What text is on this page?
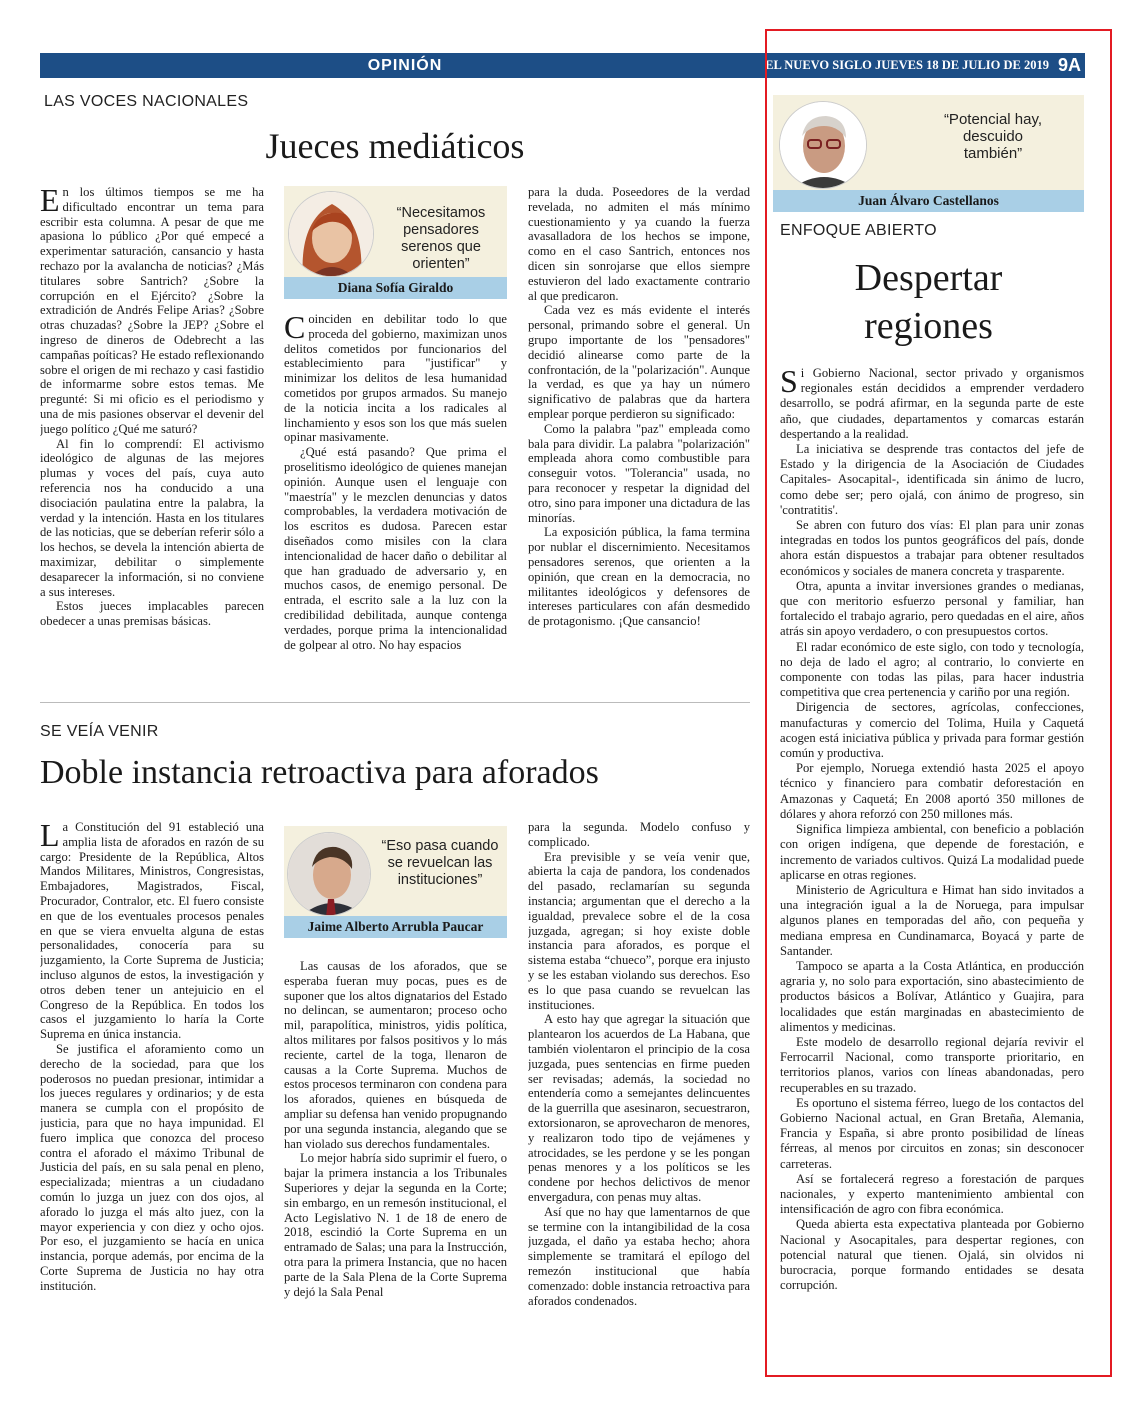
OPINIÓN	EL NUEVO SIGLO JUEVES 18 DE JULIO DE 2019 9A
LAS VOCES NACIONALES
Jueces mediáticos

En los últimos tiempos se me ha dificultado encontrar un tema para escribir esta columna. A pesar de que me apasiona lo público ¿Por qué empecé a experimentar saturación, cansancio y hasta rechazo por la avalancha de noticias? ¿Más titulares sobre Santrich? ¿Sobre la corrupción en el Ejército? ¿Sobre la extradición de Andrés Felipe Arias? ¿Sobre otras chuzadas? ¿Sobre la JEP? ¿Sobre el ingreso de dineros de Odebrecht a las campañas poíticas? He estado reflexionando sobre el origen de mi rechazo y casi fastidio de informarme sobre estos temas. Me pregunté: Si mi oficio es el periodismo y una de mis pasiones observar el devenir del juego político ¿Qué me saturó?

Al fin lo comprendí: El activismo ideológico de algunas de las mejores plumas y voces del país, cuya auto referencia nos ha conducido a una disociación paulatina entre la palabra, la verdad y la intención. Hasta en los titulares de las noticias, que se deberían referir sólo a los hechos, se devela la intención abierta de maximizar, debilitar o simplemente desaparecer la información, si no conviene a sus intereses.

Estos jueces implacables parecen obedecer a unas premisas básicas.

“Necesitamos pensadores serenos que orienten”
Diana Sofía Giraldo

Coinciden en debilitar todo lo que proceda del gobierno, maximizan unos delitos cometidos por funcionarios del establecimiento para "justificar" y minimizar los delitos de lesa humanidad cometidos por grupos armados. Su manejo de la noticia incita a los radicales al linchamiento y esos son los que más suelen opinar masivamente.

¿Qué está pasando? Que prima el proselitismo ideológico de quienes manejan opinión. Aunque usen el lenguaje con "maestría" y le mezclen denuncias y datos comprobables, la verdadera motivación de los escritos es dudosa. Parecen estar diseñados como misiles con la clara intencionalidad de hacer daño o debilitar al que han graduado de adversario y, en muchos casos, de enemigo personal. De entrada, el escrito sale a la luz con la credibilidad debilitada, aunque contenga verdades, porque prima la intencionalidad de golpear al otro. No hay espacios

para la duda. Poseedores de la verdad revelada, no admiten el más mínimo cuestionamiento y ya cuando la fuerza avasalladora de los hechos se impone, como en el caso Santrich, entonces nos dicen sin sonrojarse que ellos siempre estuvieron del lado exactamente contrario al que predicaron.

Cada vez es más evidente el interés personal, primando sobre el general. Un grupo importante de los "pensadores" decidió alinearse como parte de la confrontación, de la "polarización". Aunque la verdad, es que ya hay un número significativo de palabras que da hartera emplear porque perdieron su significado:

Como la palabra "paz" empleada como bala para dividir. La palabra "polarización" empleada ahora como combustible para conseguir votos. "Tolerancia" usada, no para reconocer y respetar la dignidad del otro, sino para imponer una dictadura de las minorías.

La exposición pública, la fama termina por nublar el discernimiento. Necesitamos pensadores serenos, que orienten a la opinión, que crean en la democracia, no militantes ideológicos y defensores de intereses particulares con afán desmedido de protagonismo. ¡Que cansancio!

SE VEÍA VENIR
Doble instancia retroactiva para aforados

La Constitución del 91 estableció una amplia lista de aforados en razón de su cargo: Presidente de la República, Altos Mandos Militares, Ministros, Congresistas, Embajadores, Magistrados, Fiscal, Procurador, Contralor, etc. El fuero consiste en que de los eventuales procesos penales en que se viera envuelta alguna de estas personalidades, conocería para su juzgamiento, la Corte Suprema de Justicia; incluso algunos de estos, la investigación y otros deben tener un antejuicio en el Congreso de la República. En todos los casos el juzgamiento lo haría la Corte Suprema en única instancia.

Se justifica el aforamiento como un derecho de la sociedad, para que los poderosos no puedan presionar, intimidar a los jueces regulares y ordinarios; y de esta manera se cumpla con el propósito de justicia, para que no haya impunidad. El fuero implica que conozca del proceso contra el aforado el máximo Tribunal de Justicia del país, en su sala penal en pleno, especializada; mientras a un ciudadano común lo juzga un juez con dos ojos, al aforado lo juzga el más alto juez, con la mayor experiencia y con diez y ocho ojos. Por eso, el juzgamiento se hacía en unica instancia, porque además, por encima de la Corte Suprema de Justicia no hay otra institución.

“Eso pasa cuando se revuelcan las instituciones”
Jaime Alberto Arrubla Paucar

Las causas de los aforados, que se esperaba fueran muy pocas, pues es de suponer que los altos dignatarios del Estado no delincan, se aumentaron; proceso ocho mil, parapolítica, ministros, yidis política, altos militares por falsos positivos y lo más reciente, cartel de la toga, llenaron de causas a la Corte Suprema. Muchos de estos procesos terminaron con condena para los aforados, quienes en búsqueda de ampliar su defensa han venido propugnando por una segunda instancia, alegando que se han violado sus derechos fundamentales.

Lo mejor habría sido suprimir el fuero, o bajar la primera instancia a los Tribunales Superiores y dejar la segunda en la Corte; sin embargo, en un remesón institucional, el Acto Legislativo N. 1 de 18 de enero de 2018, escindió la Corte Suprema en un entramado de Salas; una para la Instrucción, otra para la primera Instancia, que no hacen parte de la Sala Plena de la Corte Suprema y dejó la Sala Penal

para la segunda. Modelo confuso y complicado.

Era previsible y se veía venir que, abierta la caja de pandora, los condenados del pasado, reclamarían su segunda instancia; argumentan que el derecho a la igualdad, prevalece sobre el de la cosa juzgada, agregan; si hoy existe doble instancia para aforados, es porque el sistema estaba “chueco”, porque era injusto y se les estaban violando sus derechos. Eso es lo que pasa cuando se revuelcan las instituciones.

A esto hay que agregar la situación que plantearon los acuerdos de La Habana, que también violentaron el principio de la cosa juzgada, pues sentencias en firme pueden ser revisadas; además, la sociedad no entendería como a semejantes delincuentes de la guerrilla que asesinaron, secuestraron, extorsionaron, se aprovecharon de menores, y realizaron todo tipo de vejámenes y atrocidades, se les perdone y se les pongan penas menores y a los políticos se les condene por hechos delictivos de menor envergadura, con penas muy altas.

Así que no hay que lamentarnos de que se termine con la intangibilidad de la cosa juzgada, el daño ya estaba hecho; ahora simplemente se tramitará el epílogo del remezón institucional que había comenzado: doble instancia retroactiva para aforados condenados.

“Potencial hay, descuido también”
Juan Álvaro Castellanos
ENFOQUE ABIERTO
Despertar
regiones

Si Gobierno Nacional, sector privado y organismos regionales están decididos a emprender verdadero desarrollo, se podrá afirmar, en la segunda parte de este año, que ciudades, departamentos y comarcas estarán despertando a la realidad.

La iniciativa se desprende tras contactos del jefe de Estado y la dirigencia de la Asociación de Ciudades Capitales- Asocapital-, identificada sin ánimo de lucro, como debe ser; pero ojalá, con ánimo de progreso, sin 'contratitis'.

Se abren con futuro dos vías: El plan para unir zonas integradas en todos los puntos geográficos del país, donde ahora están dispuestos a trabajar para obtener resultados económicos y sociales de manera concreta y trasparente.

Otra, apunta a invitar inversiones grandes o medianas, que con meritorio esfuerzo personal y familiar, han fortalecido el trabajo agrario, pero quedadas en el aire, años atrás sin apoyo verdadero, o con presupuestos cortos.

El radar económico de este siglo, con todo y tecnología, no deja de lado el agro; al contrario, lo convierte en componente con todas las pilas, para hacer industria competitiva que crea pertenencia y cariño por una región.

Dirigencia de sectores, agrícolas, confecciones, manufacturas y comercio del Tolima, Huila y Caquetá acogen está iniciativa pública y privada para formar gestión común y productiva.

Por ejemplo, Noruega extendió hasta 2025 el apoyo técnico y financiero para combatir deforestación en Amazonas y Caquetá; En 2008 aportó 350 millones de dólares y ahora reforzó con 250 millones más.

Significa limpieza ambiental, con beneficio a población con origen indígena, que depende de forestación, e incremento de variados cultivos. Quizá La modalidad puede aplicarse en otras regiones.

Ministerio de Agricultura e Himat han sido invitados a una integración igual a la de Noruega, para impulsar algunos planes en temporadas del año, con pequeña y mediana empresa en Cundinamarca, Boyacá y parte de Santander.

Tampoco se aparta a la Costa Atlántica, en producción agraria y, no solo para exportación, sino abastecimiento de productos básicos a Bolívar, Atlántico y Guajira, para localidades que están marginadas en abastecimiento de alimentos y medicinas.

Este modelo de desarrollo regional dejaría revivir el Ferrocarril Nacional, como transporte prioritario, en territorios planos, varios con líneas abandonadas, pero recuperables en su trazado.

Es oportuno el sistema férreo, luego de los contactos del Gobierno Nacional actual, en Gran Bretaña, Alemania, Francia y España, si abre pronto posibilidad de líneas férreas, al menos por circuitos en zonas; sin desconocer carreteras.

Así se fortalecerá regreso a forestación de parques nacionales, y experto mantenimiento ambiental con intensificación de agro con fibra económica.

Queda abierta esta expectativa planteada por Gobierno Nacional y Asocapitales, para despertar regiones, con potencial natural que tienen. Ojalá, sin olvidos ni burocracia, porque formando entidades se desata corrupción.
